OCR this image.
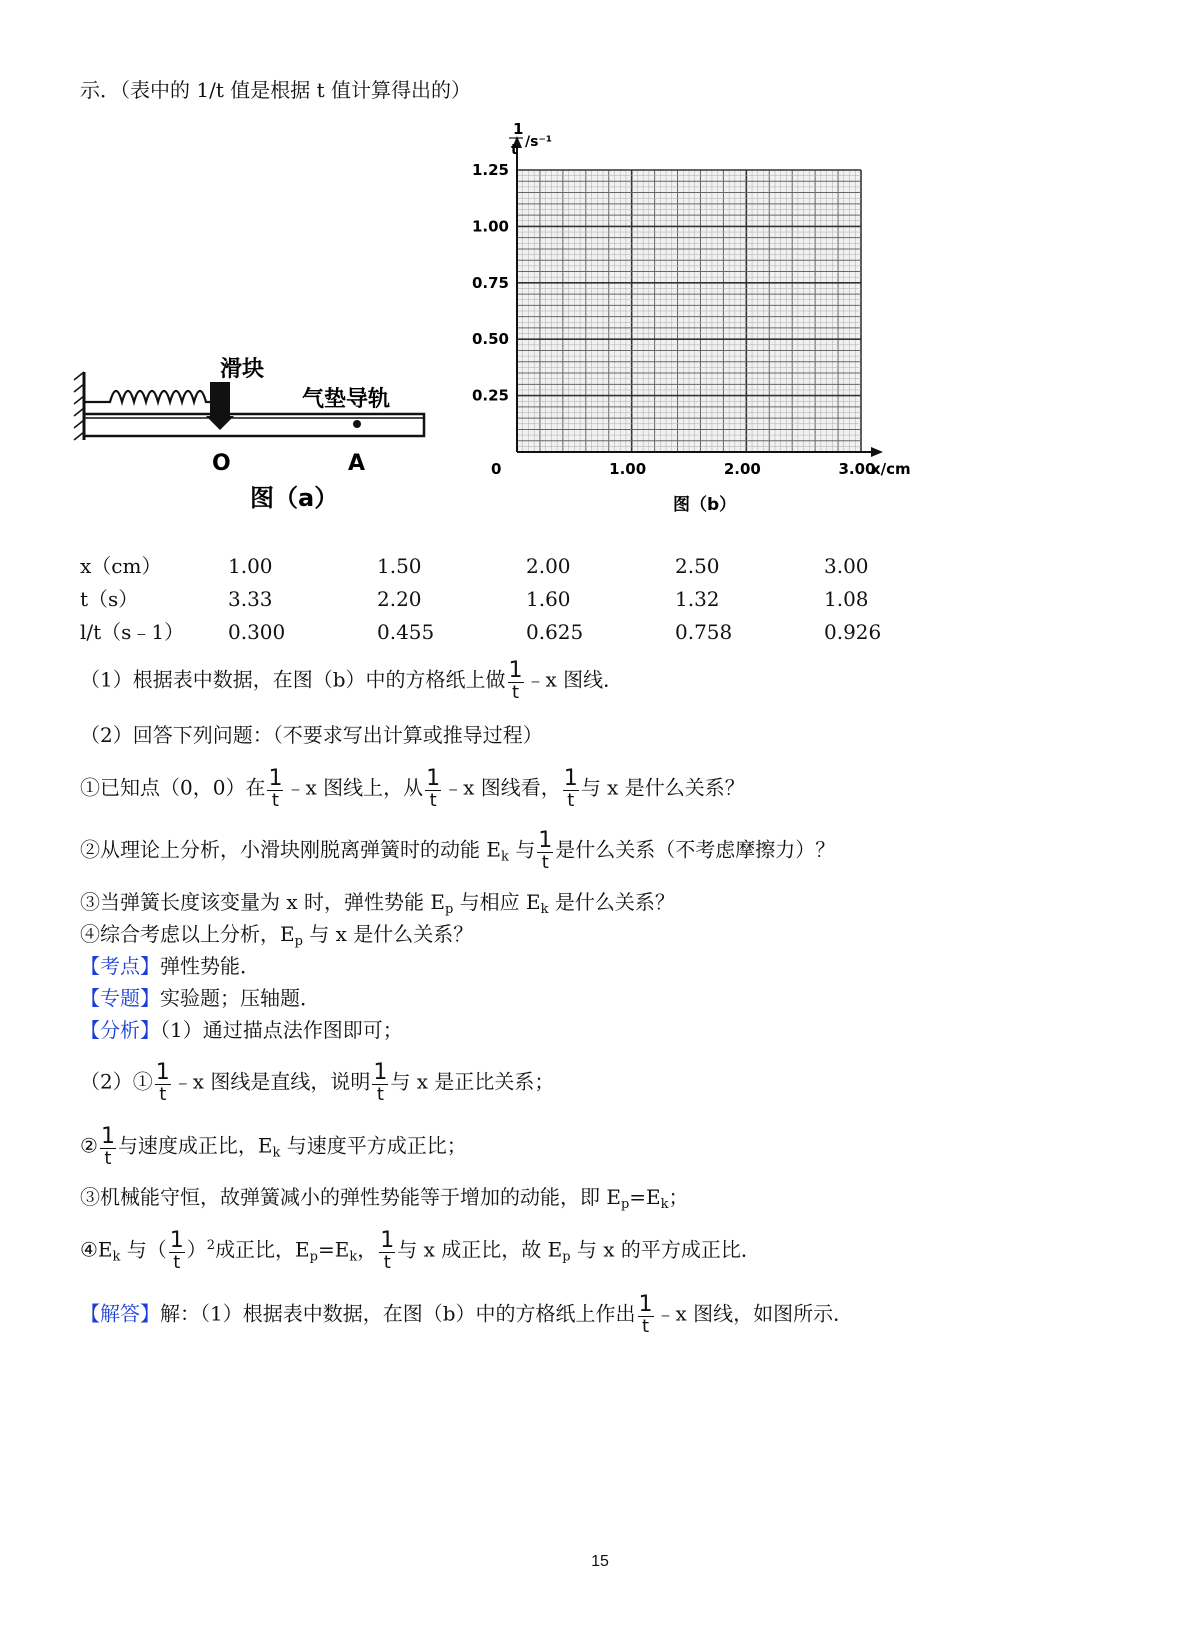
示．（表中的 1/t 值是根据 t 值计算得出的）
滑块
气垫导轨
O	A
图（a）
1
t /s⁻¹
1.25
1.00
0.75
0.50
0.25
0	1.00	2.00	3.00
x/cm
图（b）
x（cm）	1.00	1.50	2.00	2.50	3.00
t（s）	3.33	2.20	1.60	1.32	1.08
l/t（s﹣1） 0.300	0.455	0.625	0.758	0.926
（1）根据表中数据，在图（b）中的方格纸上做 $\frac{1}{t}$ ﹣x 图线．
（2）回答下列问题：（不要求写出计算或推导过程）
①已知点（0，0）在 $\frac{1}{t}$ ﹣x 图线上，从 $\frac{1}{t}$ ﹣x 图线看， $\frac{1}{t}$ 与 x 是什么关系？
②从理论上分析，小滑块刚脱离弹簧时的动能 $E_k$ 与 $\frac{1}{t}$ 是什么关系（不考虑摩擦力）？
③当弹簧长度该变量为 x 时，弹性势能 $E_p$ 与相应 $E_k$ 是什么关系？
④综合考虑以上分析，$E_p$ 与 x 是什么关系？
【考点】弹性势能．
【专题】实验题；压轴题．
【分析】（1）通过描点法作图即可；
（2）① $\frac{1}{t}$ ﹣x 图线是直线，说明 $\frac{1}{t}$ 与 x 是正比关系；
② $\frac{1}{t}$ 与速度成正比，$E_k$ 与速度平方成正比；
③机械能守恒，故弹簧减小的弹性势能等于增加的动能，即 $E_p=E_k$；
$④E_k$ 与（ $\frac{1}{t} )^2$成正比，$E_p=E_k$， $\frac{1}{t}$ 与 x 成正比，故 $E_p$ 与 x 的平方成正比．
【解答】解：（1）根据表中数据，在图（b）中的方格纸上作出 $\frac{1}{t}$ ﹣x 图线，如图所示．
15
